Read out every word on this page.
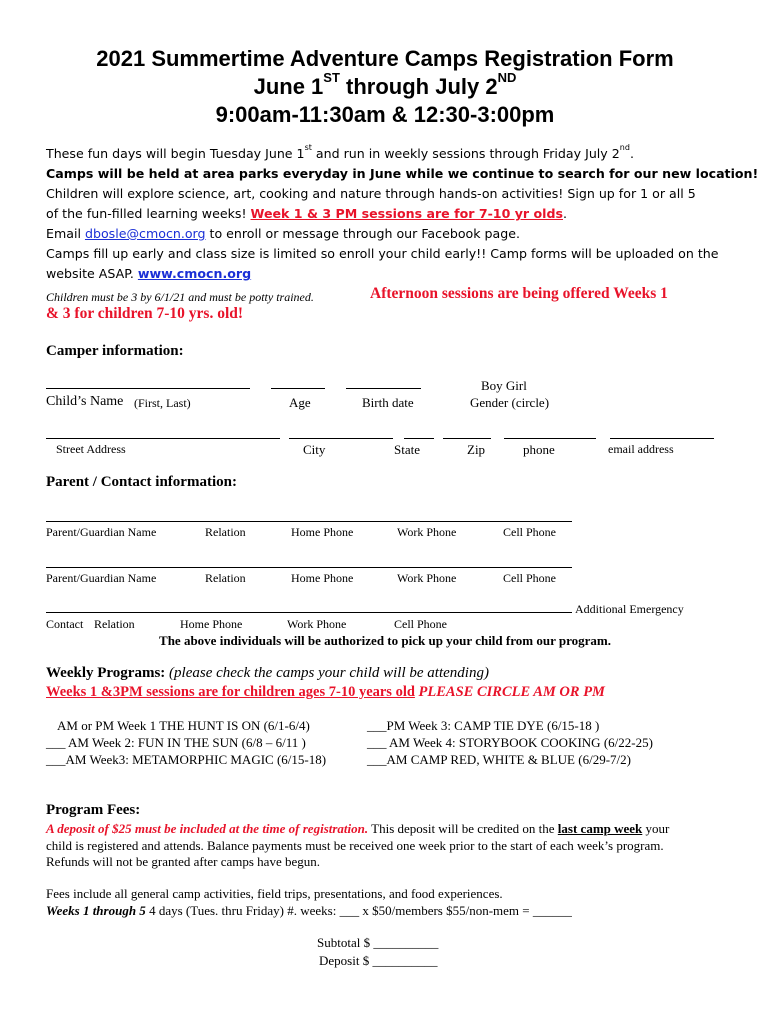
2021 Summertime Adventure Camps Registration Form
June 1ST through July 2ND
9:00am-11:30am & 12:30-3:00pm
These fun days will begin Tuesday June 1st and run in weekly sessions through Friday July 2nd.
Camps will be held at area parks everyday in June while we continue to search for our new location!
Children will explore science, art, cooking and nature through hands-on activities! Sign up for 1 or all 5
of the fun-filled learning weeks! Week 1 & 3 PM sessions are for 7-10 yr olds.
Email dbosle@cmocn.org to enroll or message through our Facebook page.
Camps fill up early and class size is limited so enroll your child early!! Camp forms will be uploaded on the
website ASAP. www.cmocn.org
Children must be 3 by 6/1/21 and must be potty trained.	Afternoon sessions are being offered Weeks 1
& 3 for children 7-10 yrs. old!
Camper information:
Boy Girl
Child’s Name (First, Last)	Age	Birth date	Gender (circle)
Street Address	City	State	Zip	phone	email address
Parent / Contact information:
Parent/Guardian Name	Relation	Home Phone	Work Phone	Cell Phone
Parent/Guardian Name	Relation	Home Phone	Work Phone	Cell Phone
Additional Emergency
Contact Relation	Home Phone	Work Phone	Cell Phone
The above individuals will be authorized to pick up your child from our program.
Weekly Programs: (please check the camps your child will be attending)
Weeks 1 &3PM sessions are for children ages 7-10 years old PLEASE CIRCLE AM OR PM
AM or PM Week 1 THE HUNT IS ON (6/1-6/4)
___ AM Week 2: FUN IN THE SUN (6/8 – 6/11 )
___AM Week3: METAMORPHIC MAGIC (6/15-18)
___PM Week 3: CAMP TIE DYE (6/15-18 )
___ AM Week 4: STORYBOOK COOKING (6/22-25)
___AM CAMP RED, WHITE & BLUE (6/29-7/2)
Program Fees:
A deposit of $25 must be included at the time of registration. This deposit will be credited on the last camp week your
child is registered and attends. Balance payments must be received one week prior to the start of each week’s program.
Refunds will not be granted after camps have begun.
Fees include all general camp activities, field trips, presentations, and food experiences.
Weeks 1 through 5 4 days (Tues. thru Friday) #. weeks: ___ x $50/members $55/non-mem = ______
Subtotal $ __________
Deposit $ __________
